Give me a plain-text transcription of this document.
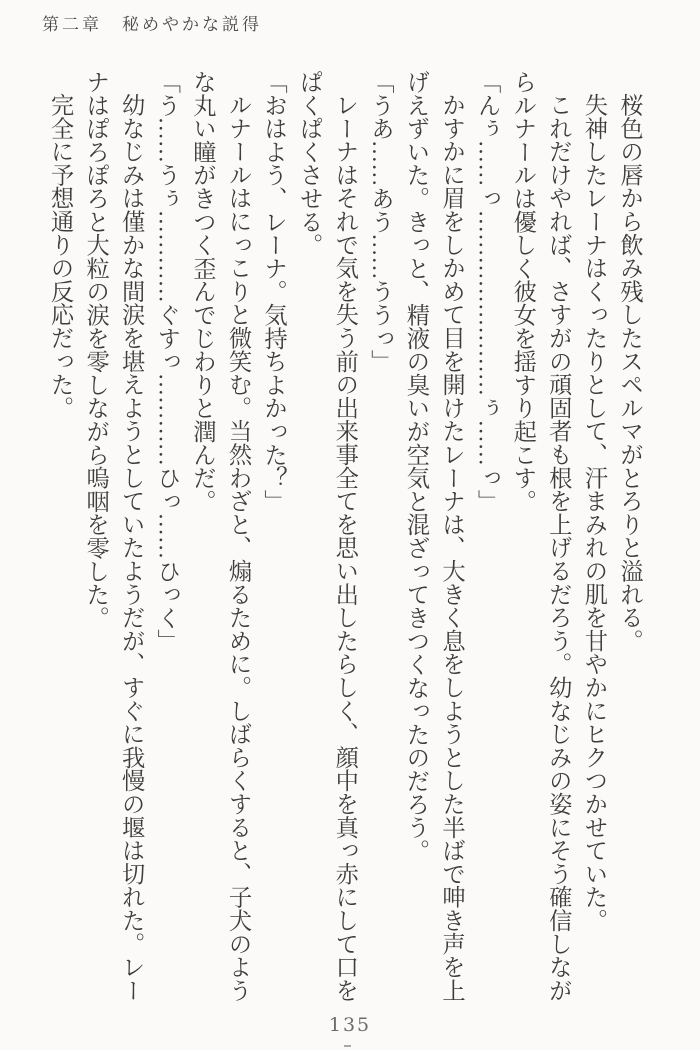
第二章　秘めやかな説得

桜色の唇から飲み残したスペルマがとろりと溢れる。

失神したレーナはくったりとして、汗まみれの肌を甘やかにヒクつかせていた。

これだけやれば、さすがの頑固者も根を上げるだろう。幼なじみの姿にそう確信しながらルナールは優しく彼女を揺すり起こす。

「んぅ……っ……………………ぅ……っ」

かすかに眉をしかめて目を開けたレーナは、大きく息をしようとした半ばで呻き声を上げえずいた。きっと、精液の臭いが空気と混ざってきつくなったのだろう。

「うあ……あう……ううっ」

レーナはそれで気を失う前の出来事全てを思い出したらしく、顔中を真っ赤にして口をぱくぱくさせる。

「おはよう、レーナ。気持ちよかった？」

ルナールはにっこりと微笑む。当然わざと、煽るために。しばらくすると、子犬のような丸い瞳がきつく歪んでじわりと潤んだ。

「う……うぅ…………ぐすっ…………ひっ……ひっく」

幼なじみは僅かな間涙を堪えようとしていたようだが、すぐに我慢の堰は切れた。レーナはぽろぽろと大粒の涙を零しながら嗚咽を零した。

完全に予想通りの反応だった。

135
